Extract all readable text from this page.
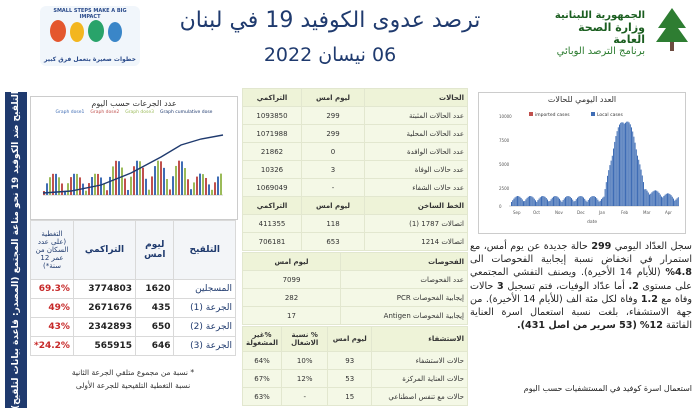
SMALL STEPS MAKE A BIG IMPACT
خطوات صغيرة بتعمل فرق كبير
ترصد عدوى الكوفيد 19 في لبنان
06 نيسان 2022
الجمهورية اللبنانية
وزارة الصحة العامة
برنامج الترصد الوبائي
التلقيح ضد الكوفيد 19 نحو مناعة المجتمع (المصدر: قاعدة بيانات لتلقيح)	عدد الجرعات حسب اليوم
Graph dose1 Graph dose2 Graph dose3 Graph cumulative dose
التلقيح	ليوم امس	التراكمي	التغطية (على عدد السكان من عمر 12 سنة*)
المسجلين	1620	3774803	69.3%
الجرعة (1)	435	2671676	49%
الجرعة (2)	650	2342893	43%
الجرعة (3)	646	565915	24.2%*
* نسبة من مجموع متلقي الجرعة الثانية
نسبة التغطية التلقيحية للجرعة الأولى
الحالات	ليوم امس	التراكمي
عدد الحالات المثبتة	299	1093850
عدد الحالات المحلية	299	1071988
عدد الحالات الوافدة	0	21862
عدد حالات الوفاة	3	10326
عدد حالات الشفاء	-	1069049
الخط الساخن	ليوم امس	التراكمي
اتصالات 1787 (1)	118	411355
اتصالات 1214	653	706181
الفحوصات	ليوم امس
عدد الفحوصات	7099
إيجابية الفحوصات PCR	282
إيجابية الفحوصات Antigen	17
الاستشفاء	ليوم امس	% نسبة الاشغال	%غير المشغولة
حالات الاستشفاء	93	10%	64%
حالات العناية المركزة	53	12%	67%
حالات مع تنفس اصطناعي	15	-	63%
العدد اليومي للحالات
10000
7500
5000
2500
0
imported cases	Local cases
Sep	Oct	Nov	Dec	Jan	Feb	Mar	Apr
date
سجل العدّاد اليومي 299 حالة جديدة عن يوم أمس، مع استمرار في انخفاض نسبة إيجابية الفحوصات الى 4.8% (للأيام 14 الأخيرة). ويصنف التفشي المجتمعي على مستوى 2. أما عدّاد الوفيات، فتم تسجيل 3 حالات وفاة مع 1.2 وفاة لكل مئة الف (للأيام 14 الأخيرة). من جهة الاستشفاء، بلغت نسبة استعمال اسرة العناية الفائقة 12% (53 سرير من اصل 431).
استعمال اسرة كوفيد في المستشفيات حسب اليوم
